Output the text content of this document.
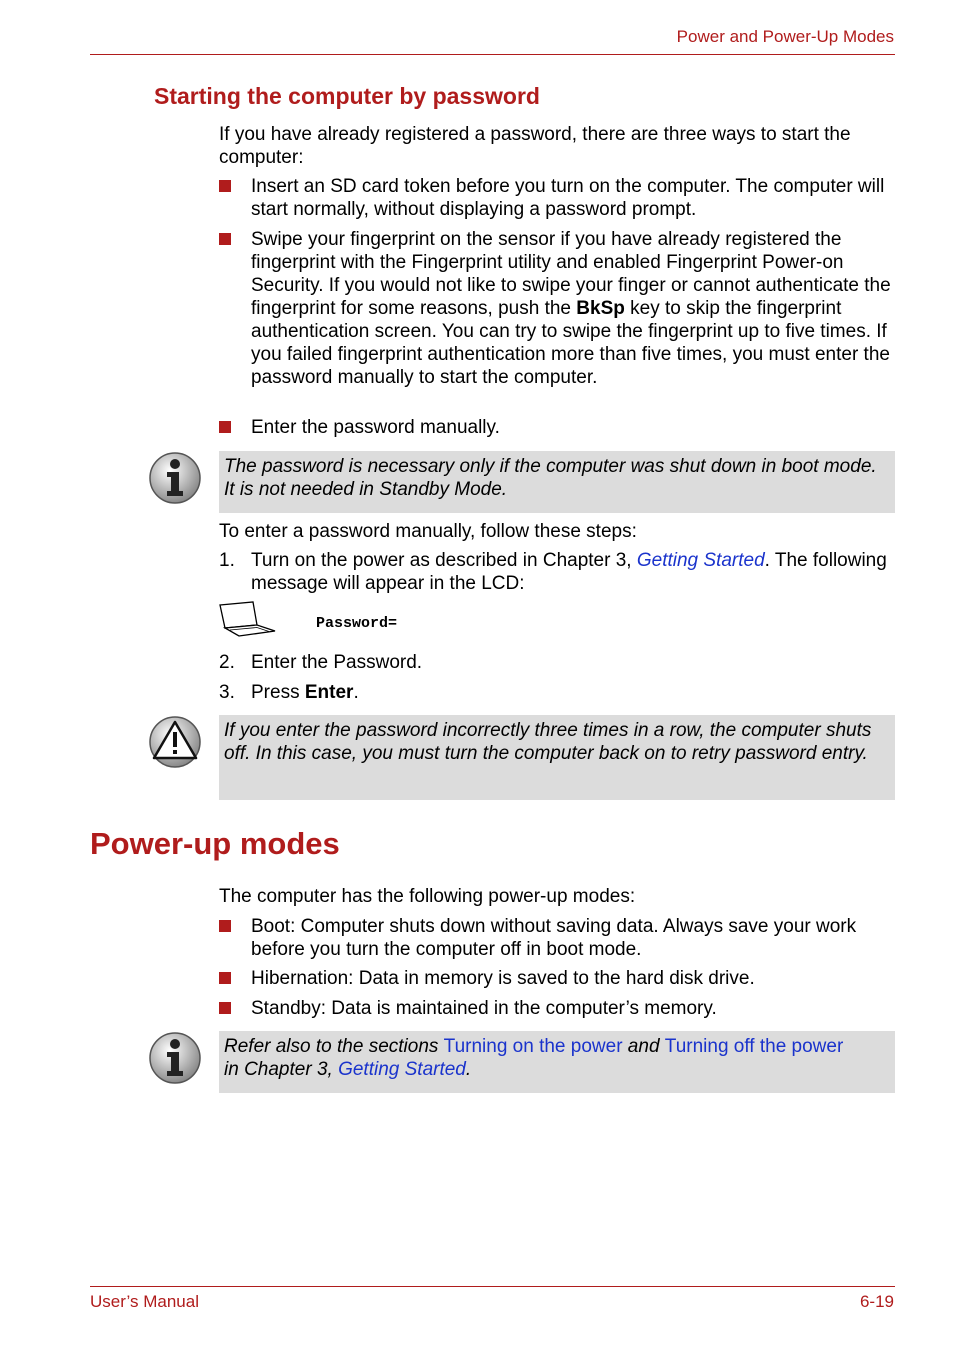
Power and Power-Up Modes
Starting the computer by password
If you have already registered a password, there are three ways to start the computer:
Insert an SD card token before you turn on the computer. The computer will start normally, without displaying a password prompt.
Swipe your fingerprint on the sensor if you have already registered the fingerprint with the Fingerprint utility and enabled Fingerprint Power-on Security. If you would not like to swipe your finger or cannot authenticate the fingerprint for some reasons, push the BkSp key to skip the fingerprint authentication screen. You can try to swipe the fingerprint up to five times. If you failed fingerprint authentication more than five times, you must enter the password manually to start the computer.
Enter the password manually.
The password is necessary only if the computer was shut down in boot mode. It is not needed in Standby Mode.
To enter a password manually, follow these steps:
1. Turn on the power as described in Chapter 3, Getting Started. The following message will appear in the LCD:
Password=
2. Enter the Password.
3. Press Enter.
If you enter the password incorrectly three times in a row, the computer shuts off. In this case, you must turn the computer back on to retry password entry.
Power-up modes
The computer has the following power-up modes:
Boot: Computer shuts down without saving data. Always save your work before you turn the computer off in boot mode.
Hibernation: Data in memory is saved to the hard disk drive.
Standby: Data is maintained in the computer’s memory.
Refer also to the sections Turning on the power and Turning off the power
in Chapter 3, Getting Started.
User’s Manual	6-19
